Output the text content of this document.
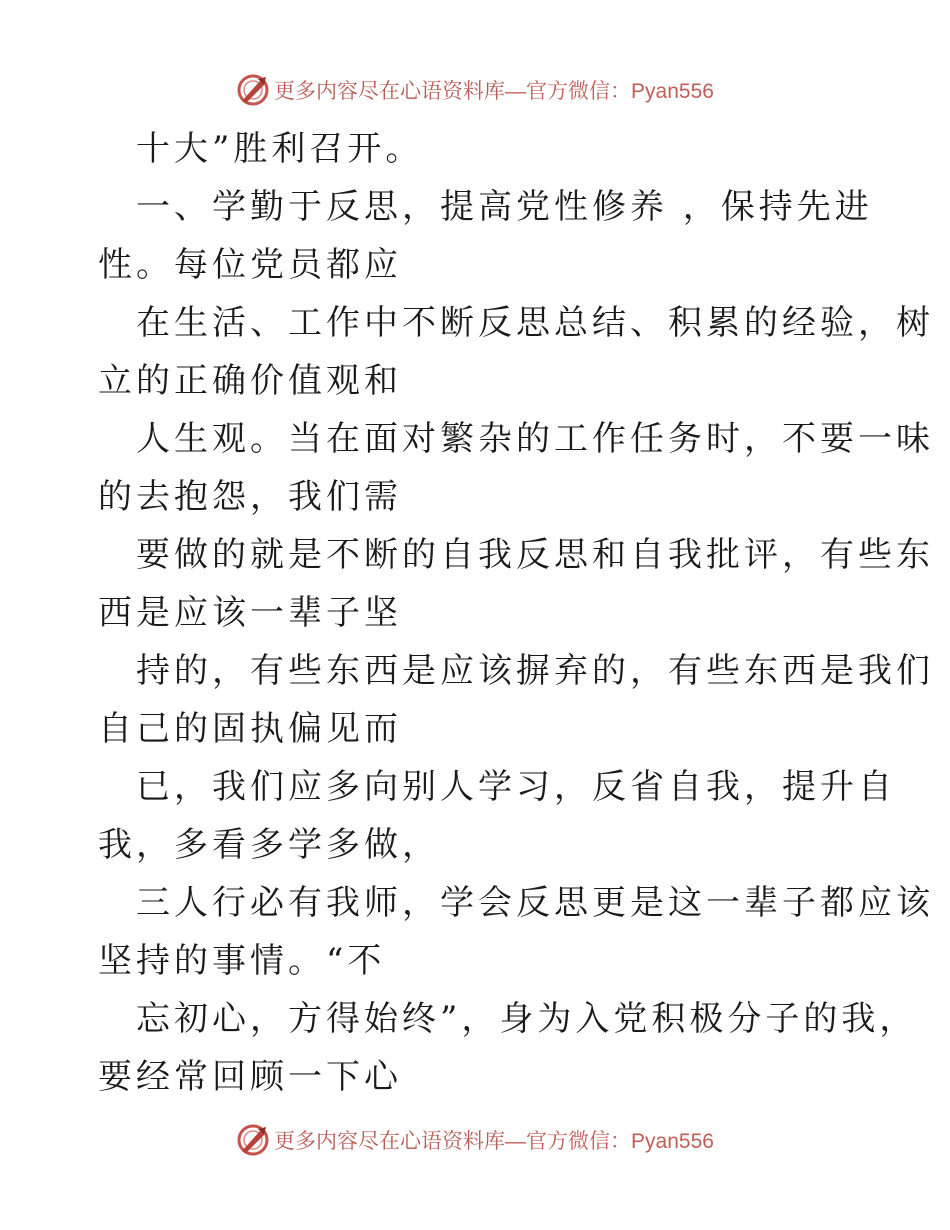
更多内容尽在心语资料库 —官方微信：Pyan556
十大”胜利召开。
一、学勤于反思，提高党性修养 ，保持先进
性。每位党员都应
在生活、工作中不断反思总结、积累的经验，树
立的正确价值观和
人生观。当在面对繁杂的工作任务时，不要一味
的去抱怨，我们需
要做的就是不断的自我反思和自我批评，有些东
西是应该一辈子坚
持的，有些东西是应该摒弃的，有些东西是我们
自己的固执偏见而
已，我们应多向别人学习，反省自我，提升自
我，多看多学多做，
三人行必有我师，学会反思更是这一辈子都应该
坚持的事情。“不
忘初心，方得始终”，身为入党积极分子的我，
要经常回顾一下心
更多内容尽在心语资料库 —官方微信：Pyan556
